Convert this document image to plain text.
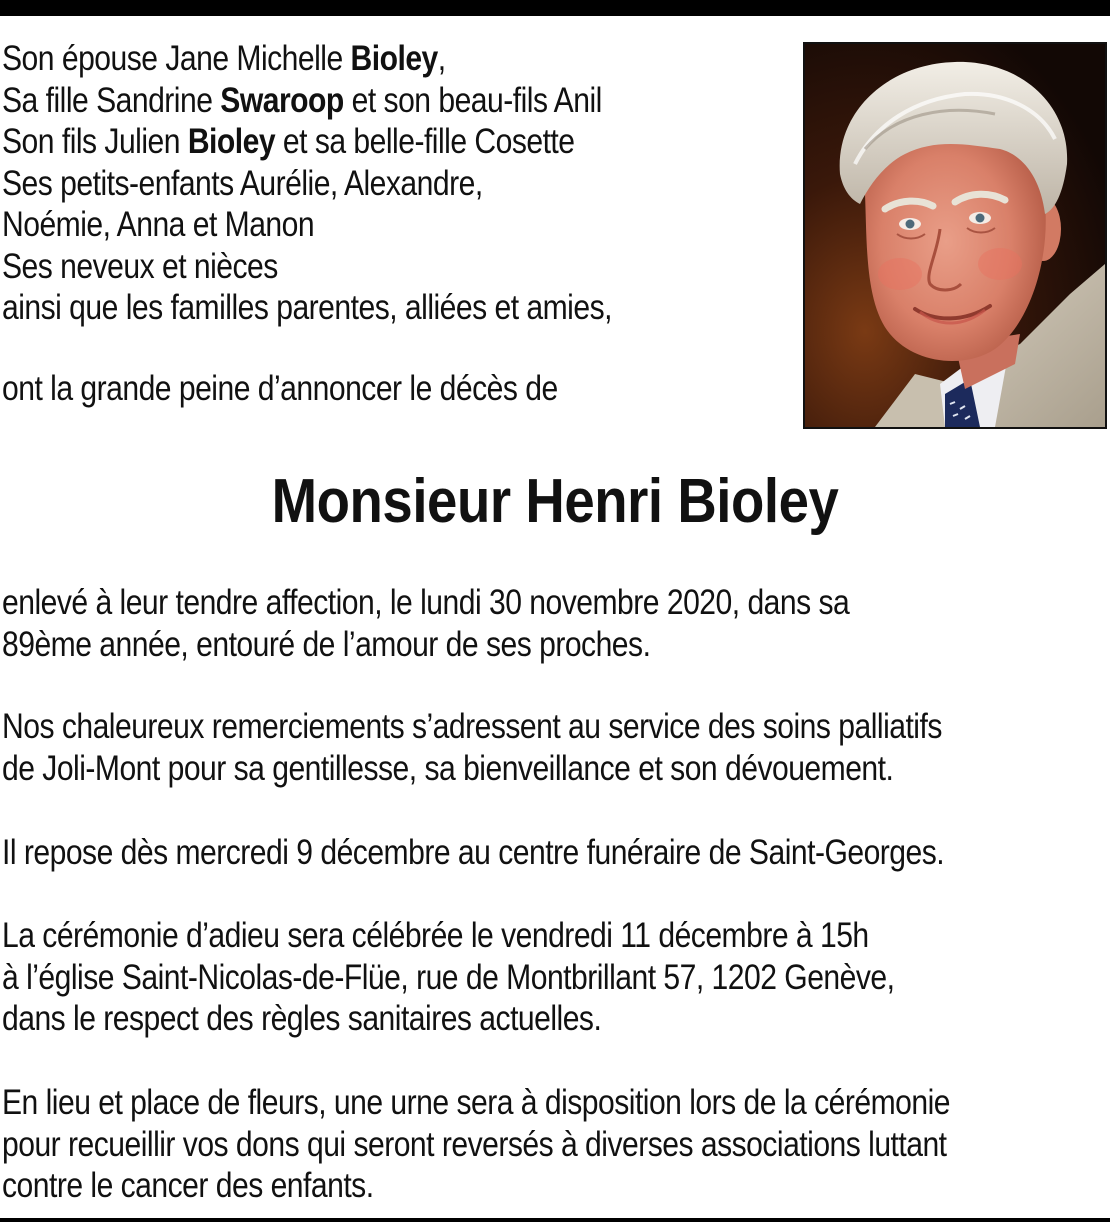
Son épouse Jane Michelle Bioley,
Sa fille Sandrine Swaroop et son beau-fils Anil
Son fils Julien Bioley et sa belle-fille Cosette
Ses petits-enfants Aurélie, Alexandre,
Noémie, Anna et Manon
Ses neveux et nièces
ainsi que les familles parentes, alliées et amies,
ont la grande peine d’annoncer le décès de
Monsieur Henri Bioley
enlevé à leur tendre affection, le lundi 30 novembre 2020, dans sa
89ème année, entouré de l’amour de ses proches.
Nos chaleureux remerciements s’adressent au service des soins palliatifs
de Joli-Mont pour sa gentillesse, sa bienveillance et son dévouement.
Il repose dès mercredi 9 décembre au centre funéraire de Saint-Georges.
La cérémonie d’adieu sera célébrée le vendredi 11 décembre à 15h
à l’église Saint-Nicolas-de-Flüe, rue de Montbrillant 57, 1202 Genève,
dans le respect des règles sanitaires actuelles.
En lieu et place de fleurs, une urne sera à disposition lors de la cérémonie
pour recueillir vos dons qui seront reversés à diverses associations luttant
contre le cancer des enfants.
